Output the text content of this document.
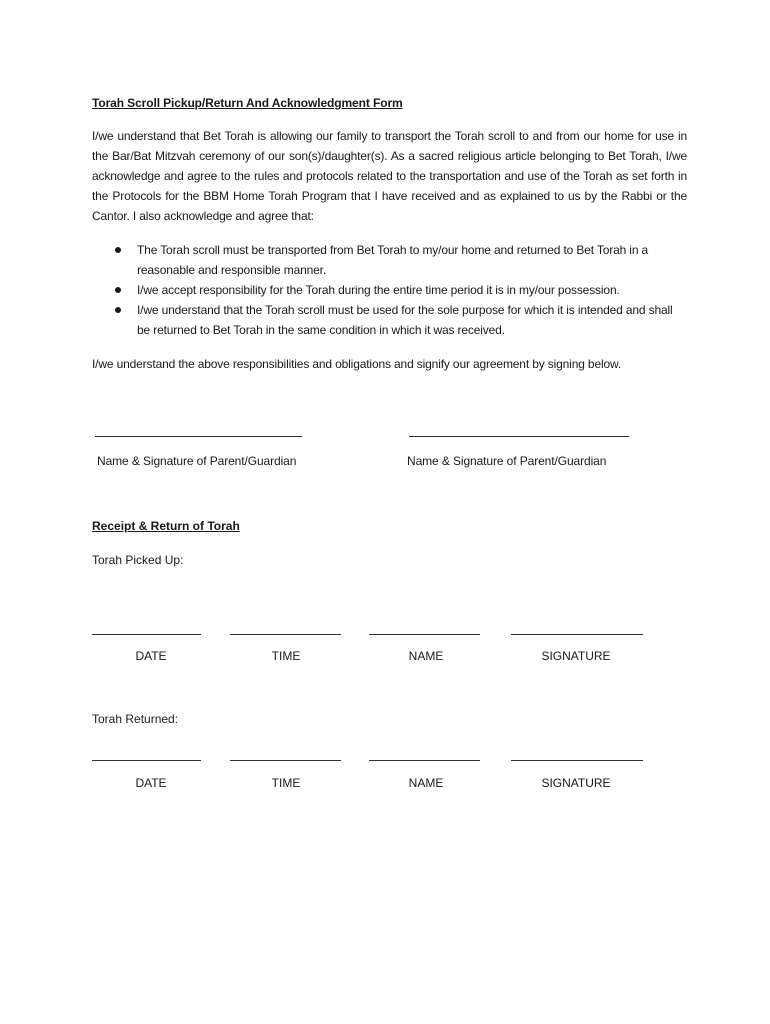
Torah Scroll Pickup/Return And Acknowledgment Form
I/we understand that Bet Torah is allowing our family to transport the Torah scroll to and from our home for use in the Bar/Bat Mitzvah ceremony of our son(s)/daughter(s). As a sacred religious article belonging to Bet Torah, I/we acknowledge and agree to the rules and protocols related to the transportation and use of the Torah as set forth in the Protocols for the BBM Home Torah Program that I have received and as explained to us by the Rabbi or the Cantor. I also acknowledge and agree that:
The Torah scroll must be transported from Bet Torah to my/our home and returned to Bet Torah in a reasonable and responsible manner.
I/we accept responsibility for the Torah during the entire time period it is in my/our possession.
I/we understand that the Torah scroll must be used for the sole purpose for which it is intended and shall be returned to Bet Torah in the same condition in which it was received.
I/we understand the above responsibilities and obligations and signify our agreement by signing below.
Name & Signature of Parent/Guardian	Name & Signature of Parent/Guardian
Receipt & Return of Torah
Torah Picked Up:
DATE	TIME	NAME	SIGNATURE
Torah Returned:
DATE	TIME	NAME	SIGNATURE
